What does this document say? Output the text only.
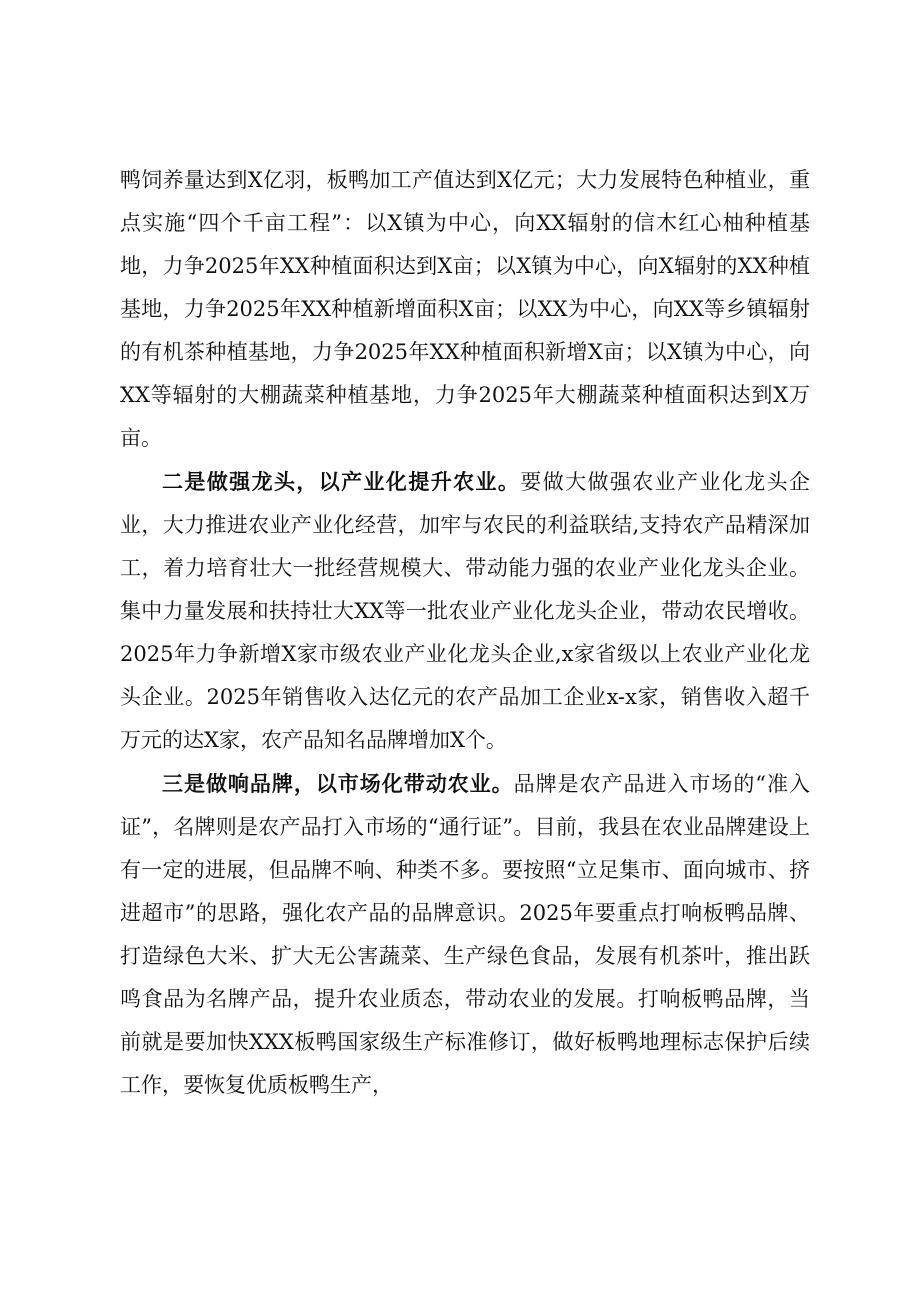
鸭饲养量达到X亿羽，板鸭加工产值达到X亿元；大力发展特色种植业，重点实施“四个千亩工程”：以X镇为中心，向XX辐射的信木红心柚种植基地，力争2025年XX种植面积达到X亩；以X镇为中心，向X辐射的XX种植基地，力争2025年XX种植新增面积X亩；以XX为中心，向XX等乡镇辐射的有机茶种植基地，力争2025年XX种植面积新增X亩；以X镇为中心，向XX等辐射的大棚蔬菜种植基地，力争2025年大棚蔬菜种植面积达到X万亩。

二是做强龙头，以产业化提升农业。要做大做强农业产业化龙头企业，大力推进农业产业化经营，加牢与农民的利益联结,支持农产品精深加工，着力培育壮大一批经营规模大、带动能力强的农业产业化龙头企业。集中力量发展和扶持壮大XX等一批农业产业化龙头企业，带动农民增收。2025年力争新增X家市级农业产业化龙头企业,x家省级以上农业产业化龙头企业。2025年销售收入达亿元的农产品加工企业x-x家，销售收入超千万元的达X家，农产品知名品牌增加X个。

三是做响品牌，以市场化带动农业。品牌是农产品进入市场的“准入证”，名牌则是农产品打入市场的“通行证”。目前，我县在农业品牌建设上有一定的进展，但品牌不响、种类不多。要按照“立足集市、面向城市、挤进超市”的思路，强化农产品的品牌意识。2025年要重点打响板鸭品牌、打造绿色大米、扩大无公害蔬菜、生产绿色食品，发展有机茶叶，推出跃鸣食品为名牌产品，提升农业质态，带动农业的发展。打响板鸭品牌，当前就是要加快XXX板鸭国家级生产标准修订，做好板鸭地理标志保护后续工作，要恢复优质板鸭生产，
